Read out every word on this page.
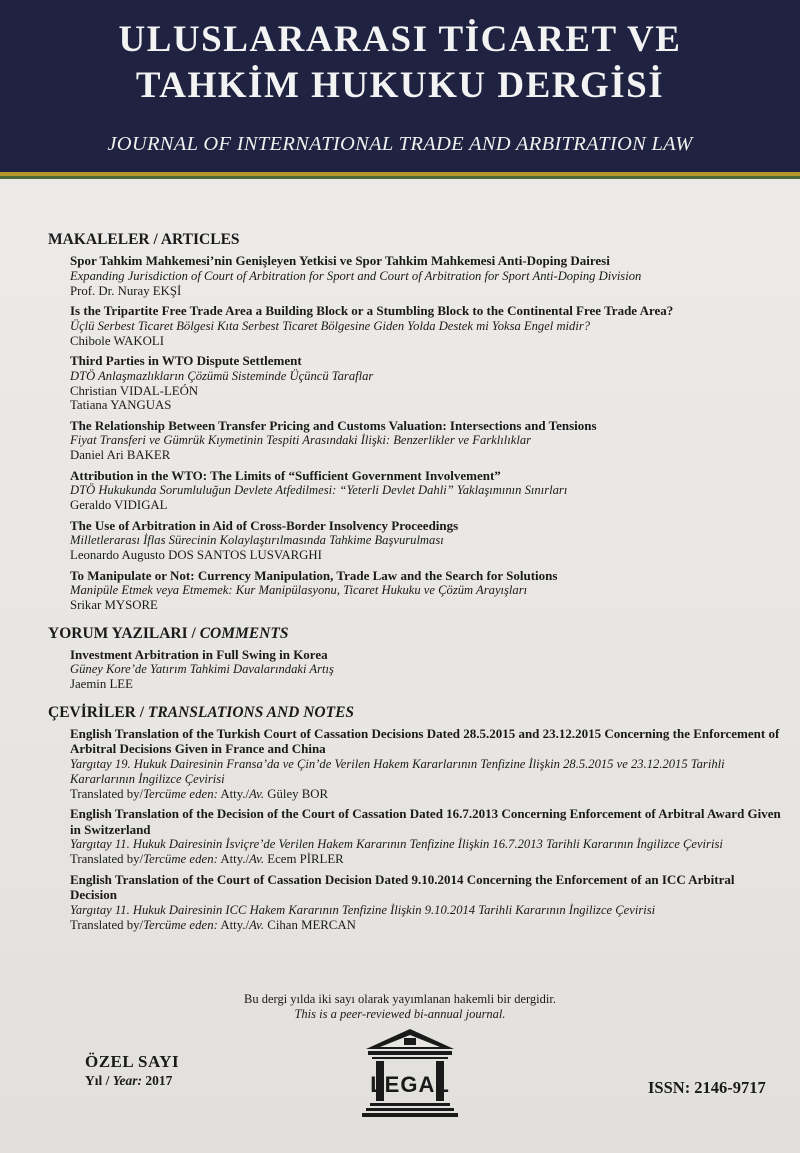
ULUSLARARASI TİCARET VE
TAHKİM HUKUKU DERGİSİ
JOURNAL OF INTERNATIONAL TRADE AND ARBITRATION LAW
MAKALELER / ARTICLES
Spor Tahkim Mahkemesi’nin Genişleyen Yetkisi ve Spor Tahkim Mahkemesi Anti-Doping Dairesi
Expanding Jurisdiction of Court of Arbitration for Sport and Court of Arbitration for Sport Anti-Doping Division
Prof. Dr. Nuray EKŞİ
Is the Tripartite Free Trade Area a Building Block or a Stumbling Block to the Continental Free Trade Area?
Üçlü Serbest Ticaret Bölgesi Kıta Serbest Ticaret Bölgesine Giden Yolda Destek mi Yoksa Engel midir?
Chibole WAKOLI
Third Parties in WTO Dispute Settlement
DTÖ Anlaşmazlıkların Çözümü Sisteminde Üçüncü Taraflar
Christian VIDAL-LEÓN
Tatiana YANGUAS
The Relationship Between Transfer Pricing and Customs Valuation: Intersections and Tensions
Fiyat Transferi ve Gümrük Kıymetinin Tespiti Arasındaki İlişki: Benzerlikler ve Farklılıklar
Daniel Ari BAKER
Attribution in the WTO: The Limits of “Sufficient Government Involvement”
DTÖ Hukukunda Sorumluluğun Devlete Atfedilmesi: “Yeterli Devlet Dahli” Yaklaşımının Sınırları
Geraldo VIDIGAL
The Use of Arbitration in Aid of Cross-Border Insolvency Proceedings
Milletlerarası İflas Sürecinin Kolaylaştırılmasında Tahkime Başvurulması
Leonardo Augusto DOS SANTOS LUSVARGHI
To Manipulate or Not: Currency Manipulation, Trade Law and the Search for Solutions
Manipüle Etmek veya Etmemek: Kur Manipülasyonu, Ticaret Hukuku ve Çözüm Arayışları
Srikar MYSORE
YORUM YAZILARI / COMMENTS
Investment Arbitration in Full Swing in Korea
Güney Kore’de Yatırım Tahkimi Davalarındaki Artış
Jaemin LEE
ÇEVİRİLER / TRANSLATIONS AND NOTES
English Translation of the Turkish Court of Cassation Decisions Dated 28.5.2015 and 23.12.2015 Concerning the Enforcement of Arbitral Decisions Given in France and China
Yargıtay 19. Hukuk Dairesinin Fransa’da ve Çin’de Verilen Hakem Kararlarının Tenfizine İlişkin 28.5.2015 ve 23.12.2015 Tarihli Kararlarının İngilizce Çevirisi
Translated by/Tercüme eden: Atty./Av. Güley BOR
English Translation of the Decision of the Court of Cassation Dated 16.7.2013 Concerning Enforcement of Arbitral Award Given in Switzerland
Yargıtay 11. Hukuk Dairesinin İsviçre’de Verilen Hakem Kararının Tenfizine İlişkin 16.7.2013 Tarihli Kararının İngilizce Çevirisi
Translated by/Tercüme eden: Atty./Av. Ecem PİRLER
English Translation of the Court of Cassation Decision Dated 9.10.2014 Concerning the Enforcement of an ICC Arbitral Decision
Yargıtay 11. Hukuk Dairesinin ICC Hakem Kararının Tenfizine İlişkin 9.10.2014 Tarihli Kararının İngilizce Çevirisi
Translated by/Tercüme eden: Atty./Av. Cihan MERCAN
Bu dergi yılda iki sayı olarak yayımlanan hakemli bir dergidir.
This is a peer-reviewed bi-annual journal.
ÖZEL SAYI
Yıl / Year: 2017	LEGAL	ISSN: 2146-9717
